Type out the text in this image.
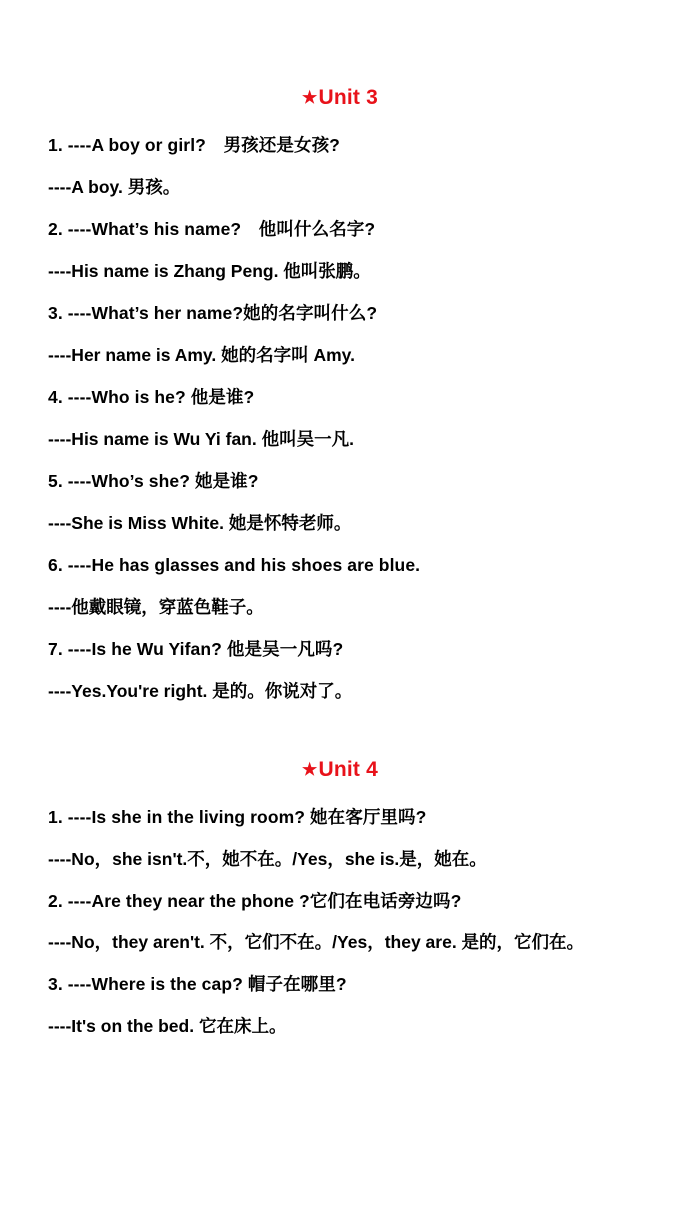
★Unit 3
1. ----A boy or girl?　男孩还是女孩?
----A boy. 男孩。
2. ----What’s his name?　他叫什么名字?
----His name is Zhang Peng. 他叫张鹏。
3. ----What’s her name?她的名字叫什么?
----Her name is Amy. 她的名字叫 Amy.
4. ----Who is he? 他是谁?
----His name is Wu Yi fan. 他叫吴一凡.
5. ----Who’s she? 她是谁?
----She is Miss White. 她是怀特老师。
6. ----He has glasses and his shoes are blue.
----他戴眼镜，穿蓝色鞋子。
7. ----Is he Wu Yifan? 他是吴一凡吗?
----Yes.You're right. 是的。你说对了。
★Unit 4
1. ----Is she in the living room? 她在客厅里吗?
----No，she isn't.不，她不在。/Yes，she is.是，她在。
2. ----Are they near the phone ?它们在电话旁边吗?
----No，they aren't. 不，它们不在。/Yes，they are. 是的，它们在。
3. ----Where is the cap? 帽子在哪里?
----It's on the bed. 它在床上。
